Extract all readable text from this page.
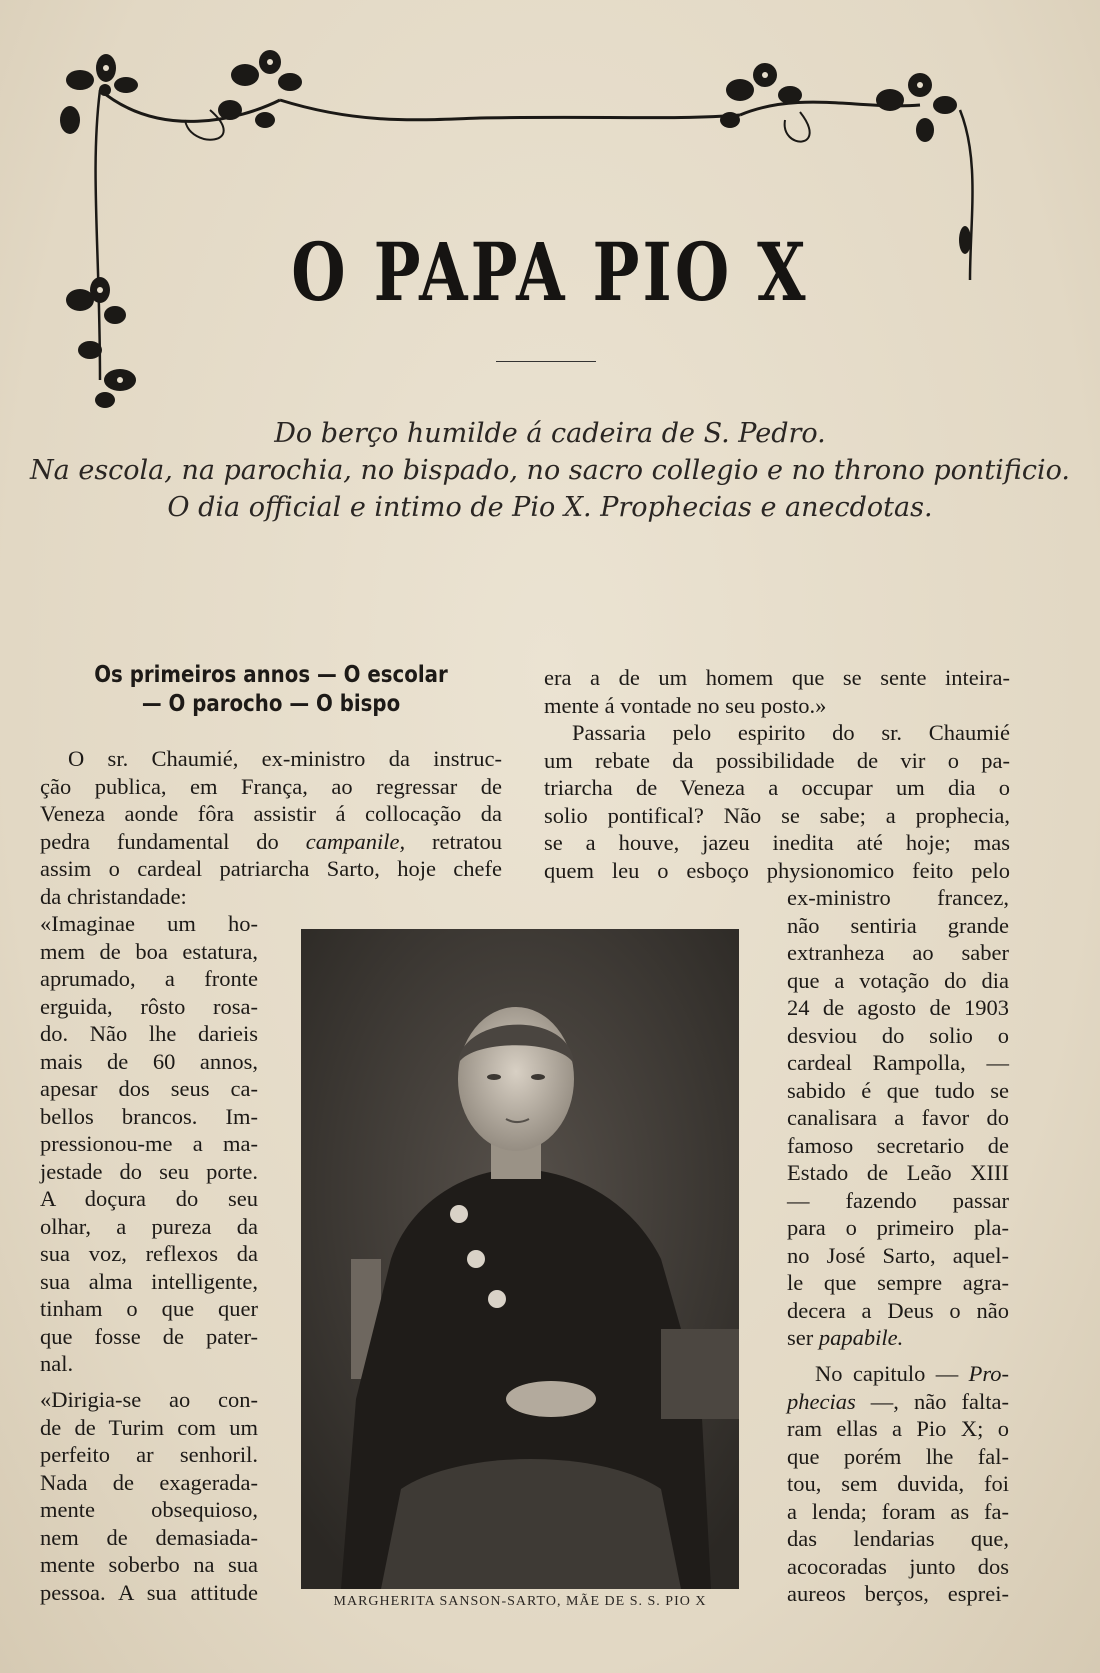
O PAPA PIO X
Do berço humilde á cadeira de S. Pedro.
Na escola, na parochia, no bispado, no sacro collegio e no throno pontificio.
O dia official e intimo de Pio X. Prophecias e anecdotas.
Os primeiros annos — O escolar
— O parocho — O bispo
O sr. Chaumié, ex-ministro da instruc-
ção publica, em França, ao regressar de
Veneza aonde fôra assistir á collocação da
pedra fundamental do campanile, retratou
assim o cardeal patriarcha Sarto, hoje chefe
da christandade:
«Imaginae um ho-
mem de boa estatura,
aprumado, a fronte
erguida, rôsto rosa-
do. Não lhe darieis
mais de 60 annos,
apesar dos seus ca-
bellos brancos. Im-
pressionou-me a ma-
jestade do seu porte.
A doçura do seu
olhar, a pureza da
sua voz, reflexos da
sua alma intelligente,
tinham o que quer
que fosse de pater-
nal.
«Dirigia-se ao con-
de de Turim com um
perfeito ar senhoril.
Nada de exagerada-
mente obsequioso,
nem de demasiada-
mente soberbo na sua
pessoa. A sua attitude
era a de um homem que se sente inteira-
mente á vontade no seu posto.»
Passaria pelo espirito do sr. Chaumié
um rebate da possibilidade de vir o pa-
triarcha de Veneza a occupar um dia o
solio pontifical? Não se sabe; a prophecia,
se a houve, jazeu inedita até hoje; mas
quem leu o esboço physionomico feito pelo
ex-ministro francez,
não sentiria grande
extranheza ao saber
que a votação do dia
24 de agosto de 1903
desviou do solio o
cardeal Rampolla, —
sabido é que tudo se
canalisara a favor do
famoso secretario de
Estado de Leão XIII
— fazendo passar
para o primeiro pla-
no José Sarto, aquel-
le que sempre agra-
decera a Deus o não
ser papabile.
No capitulo — Pro-
phecias —, não falta-
ram ellas a Pio X; o
que porém lhe fal-
tou, sem duvida, foi
a lenda; foram as fa-
das lendarias que,
acocoradas junto dos
aureos berços, esprei-
MARGHERITA SANSON-SARTO, MÃE DE S. S. PIO X
